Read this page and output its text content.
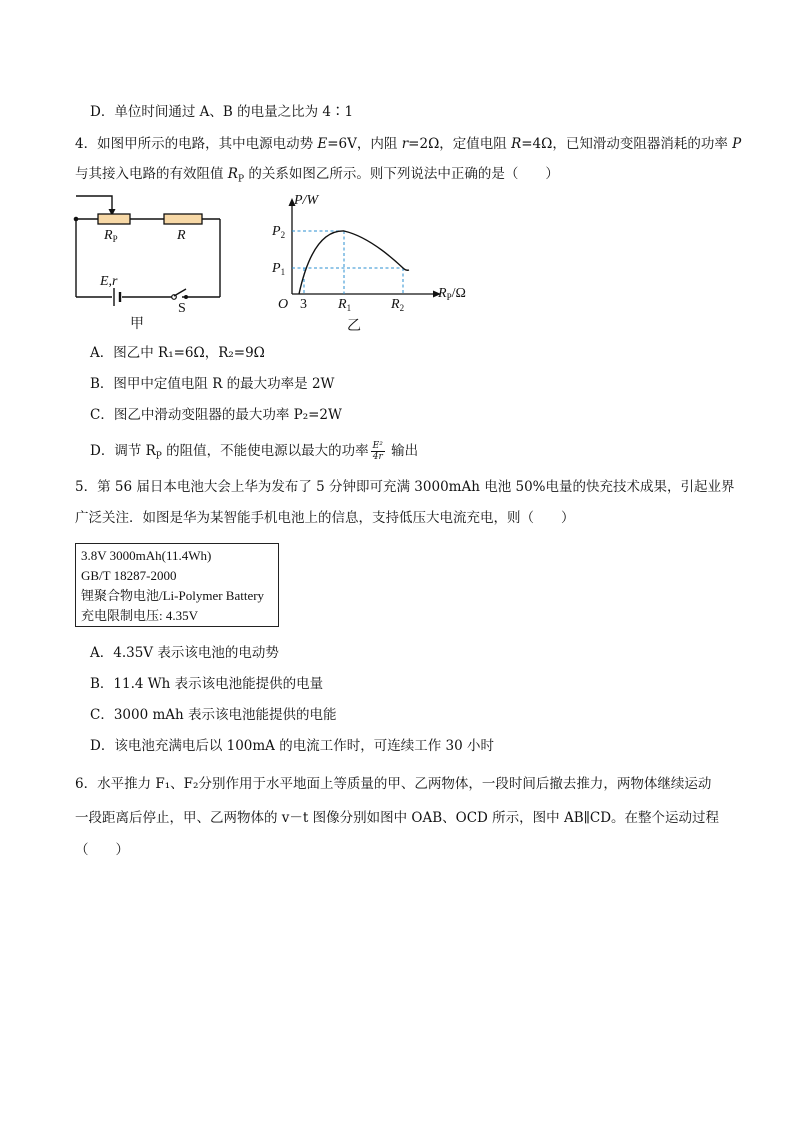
D．单位时间通过 A、B 的电量之比为 4∶1
4．如图甲所示的电路，其中电源电动势 E=6V，内阻 r=2Ω，定值电阻 R=4Ω，已知滑动变阻器消耗的功率 P
与其接入电路的有效阻值 $R_P$ 的关系如图乙所示。则下列说法中正确的是（　　）
$R_P$	R
E,r
S
甲
P/W
$P_2$
$P_1$
O 3 $R_1$	$R_2$
$R_P/\Omega$
乙
A．图乙中 R₁=6Ω，R₂=9Ω
B．图甲中定值电阻 R 的最大功率是 2W
C．图乙中滑动变阻器的最大功率 P₂=2W
D．调节 $R_P$ 的阻值，不能使电源以最大的功率 $\frac{\text{E²}}{4r}$ 输出
5．第 56 届日本电池大会上华为发布了 5 分钟即可充满 3000mAh 电池 50%电量的快充技术成果，引起业界
广泛关注．如图是华为某智能手机电池上的信息，支持低压大电流充电，则（　　）
3.8V 3000mAh(11.4Wh)
GB/T 18287-2000
锂聚合物电池/Li-Polymer Battery
充电限制电压: 4.35V
A．4.35V 表示该电池的电动势
B．11.4 Wh 表示该电池能提供的电量
C．3000 mAh 表示该电池能提供的电能
D．该电池充满电后以 100mA 的电流工作时，可连续工作 30 小时
6．水平推力 F₁、F₂分别作用于水平地面上等质量的甲、乙两物体，一段时间后撤去推力，两物体继续运动
一段距离后停止，甲、乙两物体的 v－t 图像分别如图中 OAB、OCD 所示，图中 AB∥CD。在整个运动过程
（　　）
